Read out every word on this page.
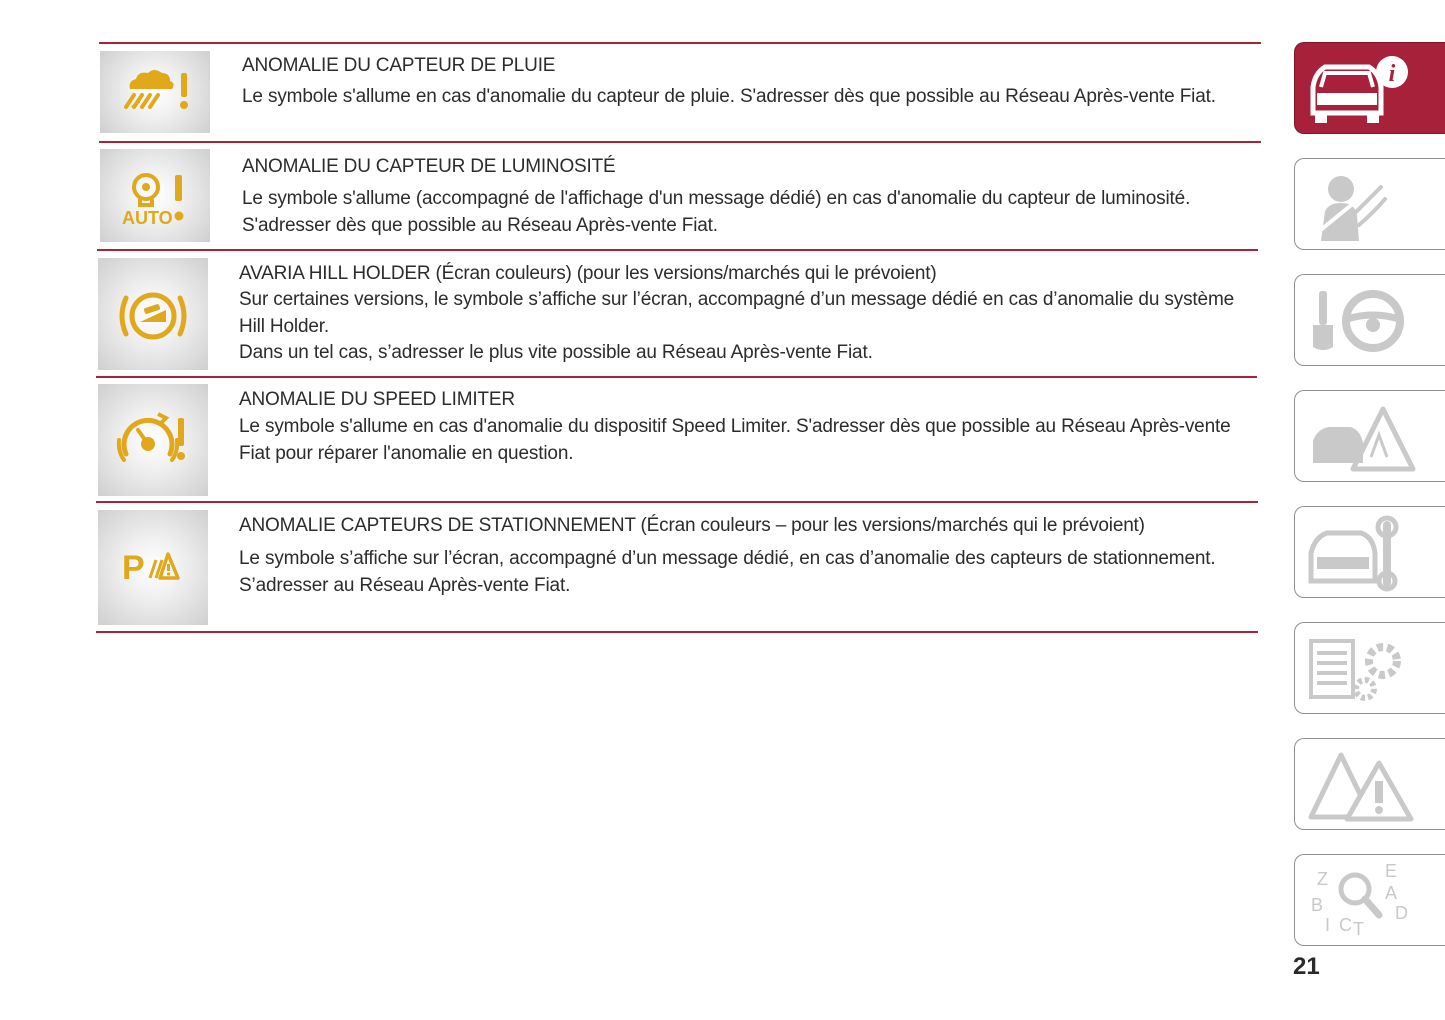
ANOMALIE DU CAPTEUR DE PLUIE

Le symbole s'allume en cas d'anomalie du capteur de pluie. S'adresser dès que possible au Réseau Après-vente Fiat.

AUTO
ANOMALIE DU CAPTEUR DE LUMINOSITÉ

Le symbole s'allume (accompagné de l'affichage d'un message dédié) en cas d'anomalie du capteur de luminosité.

S'adresser dès que possible au Réseau Après-vente Fiat.

AVARIA HILL HOLDER (Écran couleurs) (pour les versions/marchés qui le prévoient)

Sur certaines versions, le symbole s’affiche sur l’écran, accompagné d’un message dédié en cas d’anomalie du système

Hill Holder.

Dans un tel cas, s’adresser le plus vite possible au Réseau Après-vente Fiat.

ANOMALIE DU SPEED LIMITER

Le symbole s'allume en cas d'anomalie du dispositif Speed Limiter. S'adresser dès que possible au Réseau Après-vente

Fiat pour réparer l'anomalie en question.

P
ANOMALIE CAPTEURS DE STATIONNEMENT (Écran couleurs – pour les versions/marchés qui le prévoient)

Le symbole s’affiche sur l’écran, accompagné d’un message dédié, en cas d’anomalie des capteurs de stationnement.

S’adresser au Réseau Après-vente Fiat.

i
Z	E
B
A
I C T
D
21
